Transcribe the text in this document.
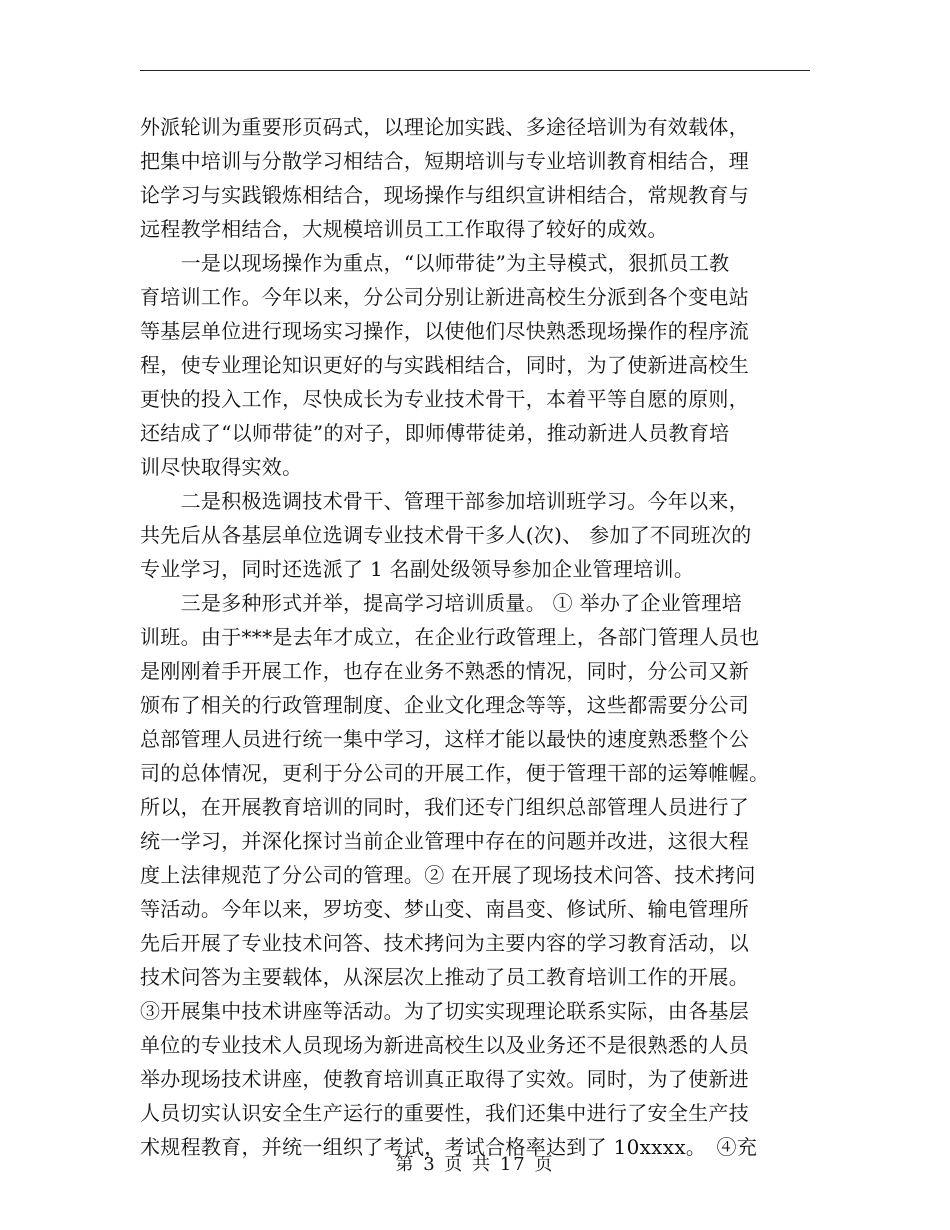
外派轮训为重要形页码式，以理论加实践、多途径培训为有效载体，
把集中培训与分散学习相结合，短期培训与专业培训教育相结合，理
论学习与实践锻炼相结合，现场操作与组织宣讲相结合，常规教育与
远程教学相结合，大规模培训员工工作取得了较好的成效。
　　一是以现场操作为重点，“以师带徒”为主导模式，狠抓员工教
育培训工作。今年以来，分公司分别让新进高校生分派到各个变电站
等基层单位进行现场实习操作，以使他们尽快熟悉现场操作的程序流
程，使专业理论知识更好的与实践相结合，同时，为了使新进高校生
更快的投入工作，尽快成长为专业技术骨干，本着平等自愿的原则，
还结成了“以师带徒”的对子，即师傅带徒弟，推动新进人员教育培
训尽快取得实效。
　　二是积极选调技术骨干、管理干部参加培训班学习。今年以来，
共先后从各基层单位选调专业技术骨干多人(次)、 参加了不同班次的
专业学习，同时还选派了 1 名副处级领导参加企业管理培训。
　　三是多种形式并举，提高学习培训质量。 ① 举办了企业管理培
训班。由于***是去年才成立，在企业行政管理上，各部门管理人员也
是刚刚着手开展工作，也存在业务不熟悉的情况，同时，分公司又新
颁布了相关的行政管理制度、企业文化理念等等，这些都需要分公司
总部管理人员进行统一集中学习，这样才能以最快的速度熟悉整个公
司的总体情况，更利于分公司的开展工作，便于管理干部的运筹帷幄。
所以，在开展教育培训的同时，我们还专门组织总部管理人员进行了
统一学习，并深化探讨当前企业管理中存在的问题并改进，这很大程
度上法律规范了分公司的管理。② 在开展了现场技术问答、技术拷问
等活动。今年以来，罗坊变、梦山变、南昌变、修试所、输电管理所
先后开展了专业技术问答、技术拷问为主要内容的学习教育活动，以
技术问答为主要载体，从深层次上推动了员工教育培训工作的开展。
③开展集中技术讲座等活动。为了切实实现理论联系实际，由各基层
单位的专业技术人员现场为新进高校生以及业务还不是很熟悉的人员
举办现场技术讲座，使教育培训真正取得了实效。同时，为了使新进
人员切实认识安全生产运行的重要性，我们还集中进行了安全生产技
术规程教育，并统一组织了考试，考试合格率达到了 10xxxx。　④充
第 3 页 共 17 页
